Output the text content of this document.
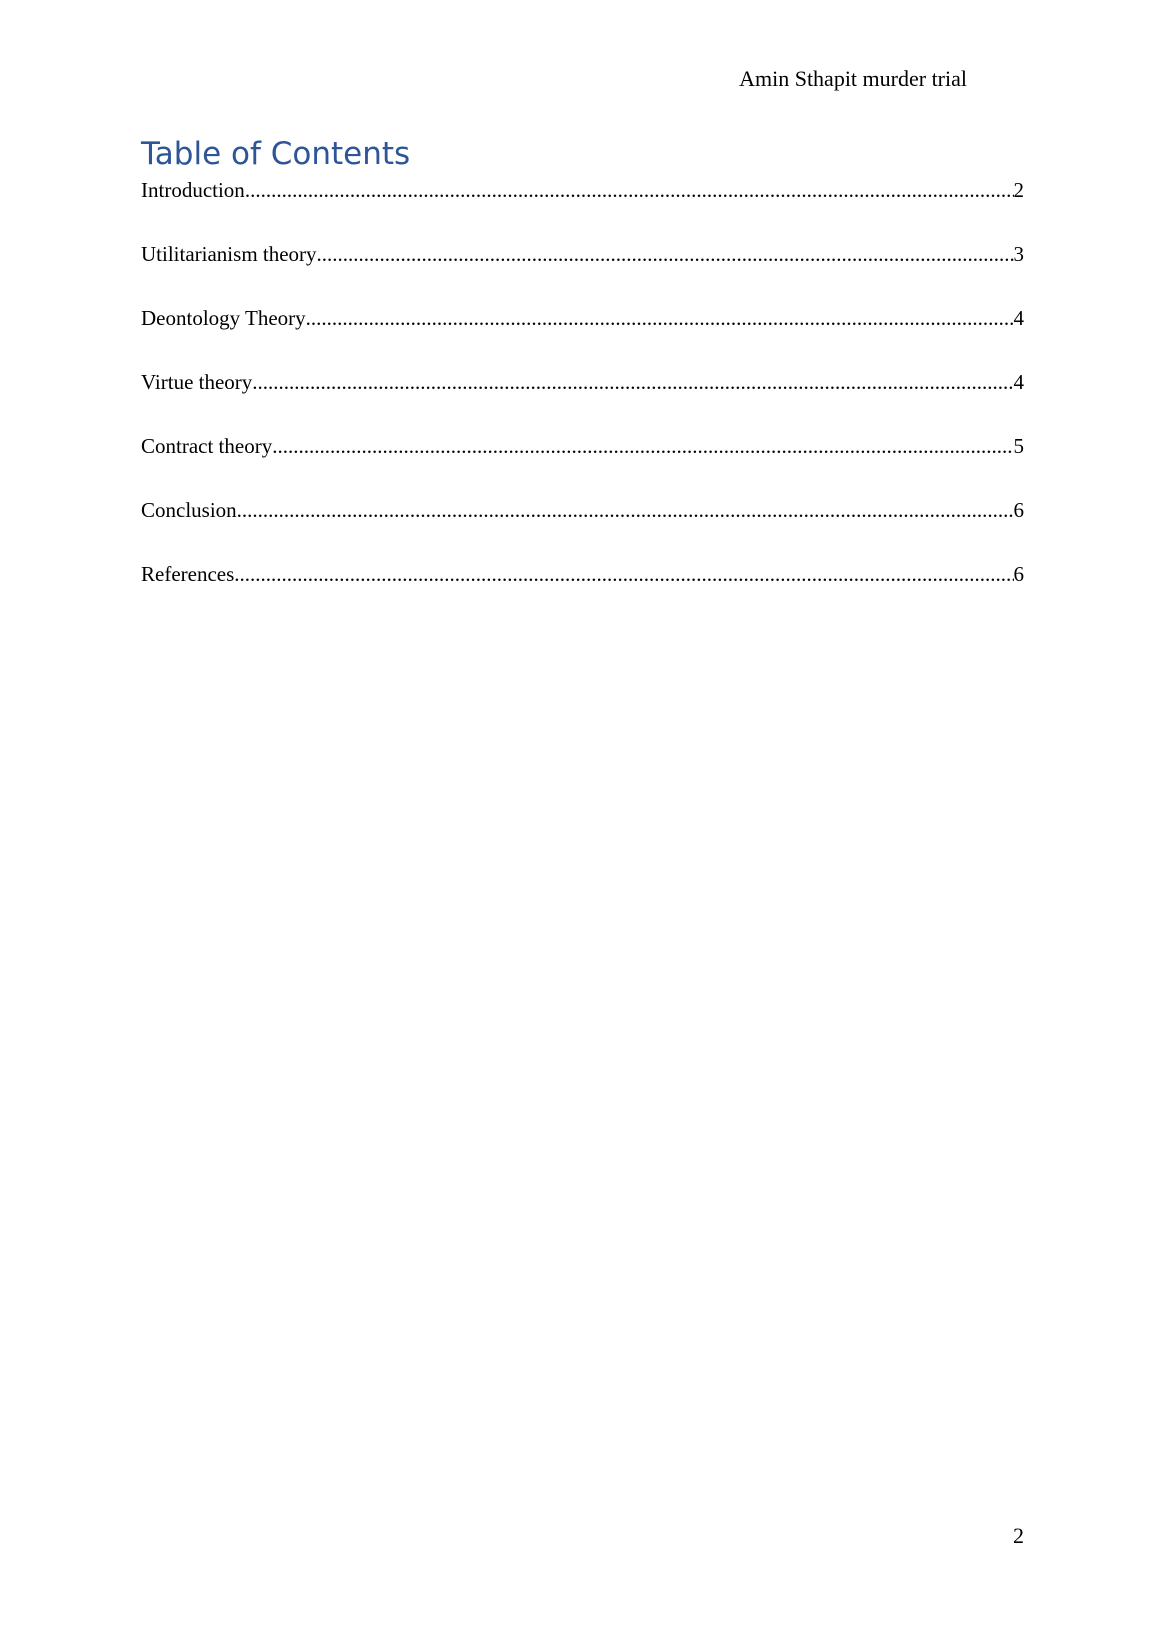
Amin Sthapit murder trial
Table of Contents
Introduction .....	2
Utilitarianism theory .....	3
Deontology Theory .....	4
Virtue theory .....	4
Contract theory .....	5
Conclusion .....	6
References .....	6
2
